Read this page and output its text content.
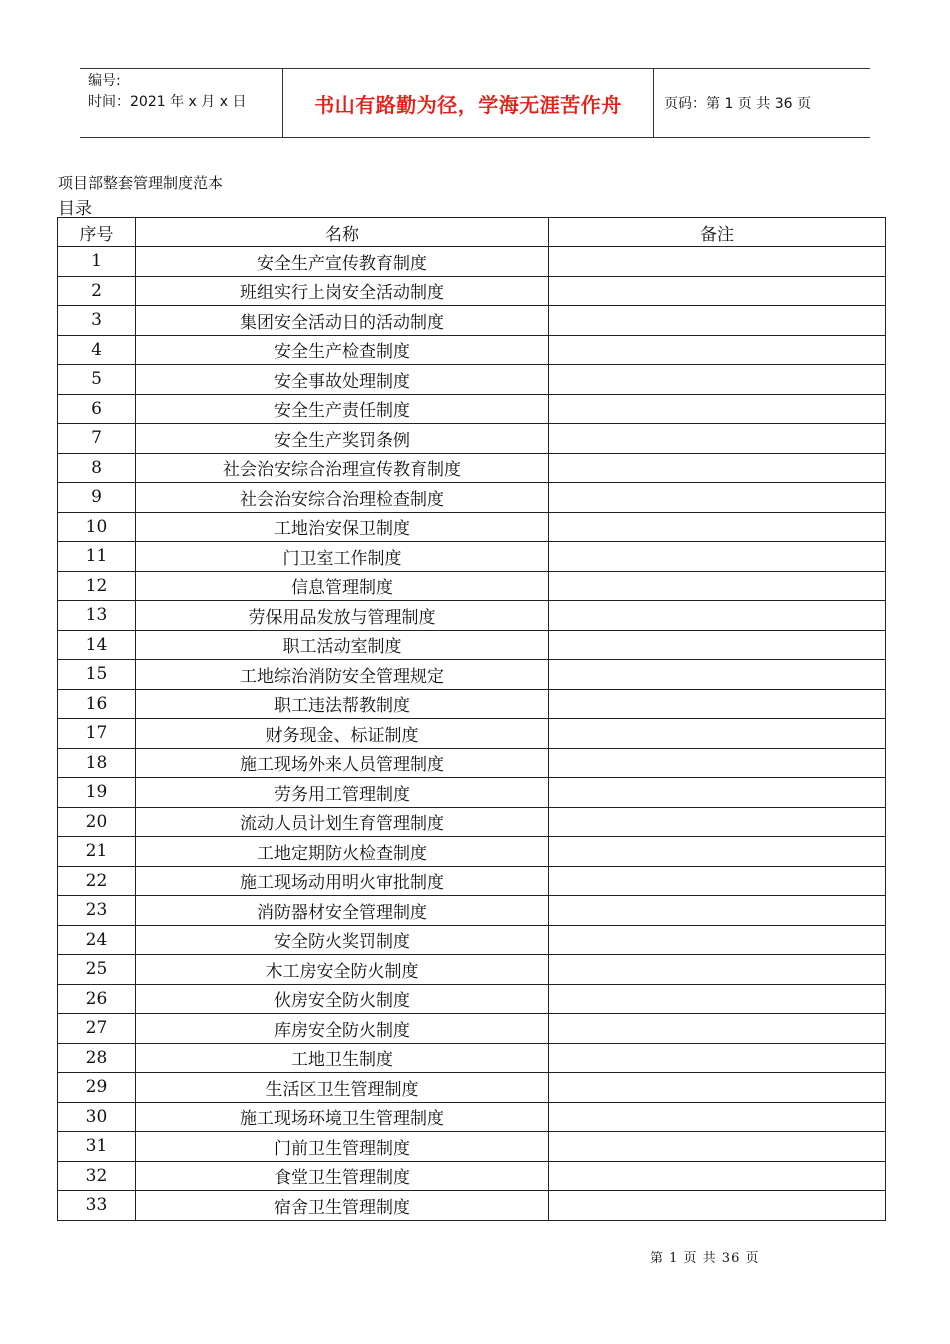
编号:
时间：2021 年 x 月 x 日	书山有路勤为径，学海无涯苦作舟	页码：第 1 页 共 36 页
项目部整套管理制度范本
目录
序号	名称	备注
1	安全生产宣传教育制度	
2	班组实行上岗安全活动制度	
3	集团安全活动日的活动制度	
4	安全生产检查制度	
5	安全事故处理制度	
6	安全生产责任制度	
7	安全生产奖罚条例	
8	社会治安综合治理宣传教育制度	
9	社会治安综合治理检查制度	
10	工地治安保卫制度	
11	门卫室工作制度	
12	信息管理制度	
13	劳保用品发放与管理制度	
14	职工活动室制度	
15	工地综治消防安全管理规定	
16	职工违法帮教制度	
17	财务现金、标证制度	
18	施工现场外来人员管理制度	
19	劳务用工管理制度	
20	流动人员计划生育管理制度	
21	工地定期防火检查制度	
22	施工现场动用明火审批制度	
23	消防器材安全管理制度	
24	安全防火奖罚制度	
25	木工房安全防火制度	
26	伙房安全防火制度	
27	库房安全防火制度	
28	工地卫生制度	
29	生活区卫生管理制度	
30	施工现场环境卫生管理制度	
31	门前卫生管理制度	
32	食堂卫生管理制度	
33	宿舍卫生管理制度	
第 1 页 共 36 页
